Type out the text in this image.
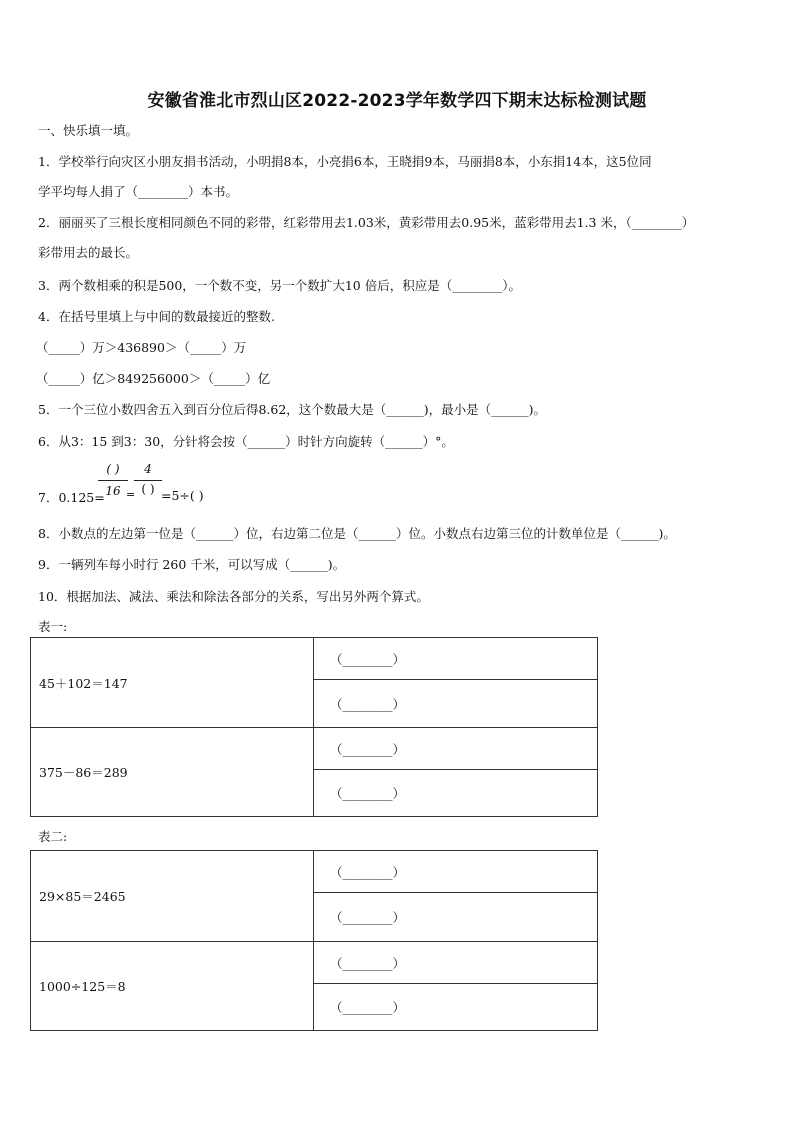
安徽省淮北市烈山区2022-2023学年数学四下期末达标检测试题
一、快乐填一填。
1．学校举行向灾区小朋友捐书活动，小明捐8本，小亮捐6本，王晓捐9本，马丽捐8本，小东捐14本，这5位同
学平均每人捐了（________）本书。
2．丽丽买了三根长度相同颜色不同的彩带，红彩带用去1.03米，黄彩带用去0.95米，蓝彩带用去1.3 米，（________）
彩带用去的最长。
3．两个数相乘的积是500，一个数不变，另一个数扩大10 倍后，积应是（________）。
4．在括号里填上与中间的数最接近的整数.
（_____）万＞436890＞（_____）万
（_____）亿＞849256000＞（_____）亿
5．一个三位小数四舍五入到百分位后得8.62，这个数最大是（______)，最小是（______)。
6．从3：15 到3：30，分针将会按（______）时针方向旋转（______）°。
7．0.125=
( )
16 =
4
( ) =5÷( )
8．小数点的左边第一位是（______）位，右边第二位是（______）位。小数点右边第三位的计数单位是（______)。
9．一辆列车每小时行 260 千米，可以写成（______)。
10．根据加法、减法、乘法和除法各部分的关系，写出另外两个算式。
表一:
45＋102＝147	（________）
	（________）
375－86＝289	（________）
	（________）
表二:
29×85＝2465	（________）
	（________）
1000÷125＝8	（________）
	（________）
